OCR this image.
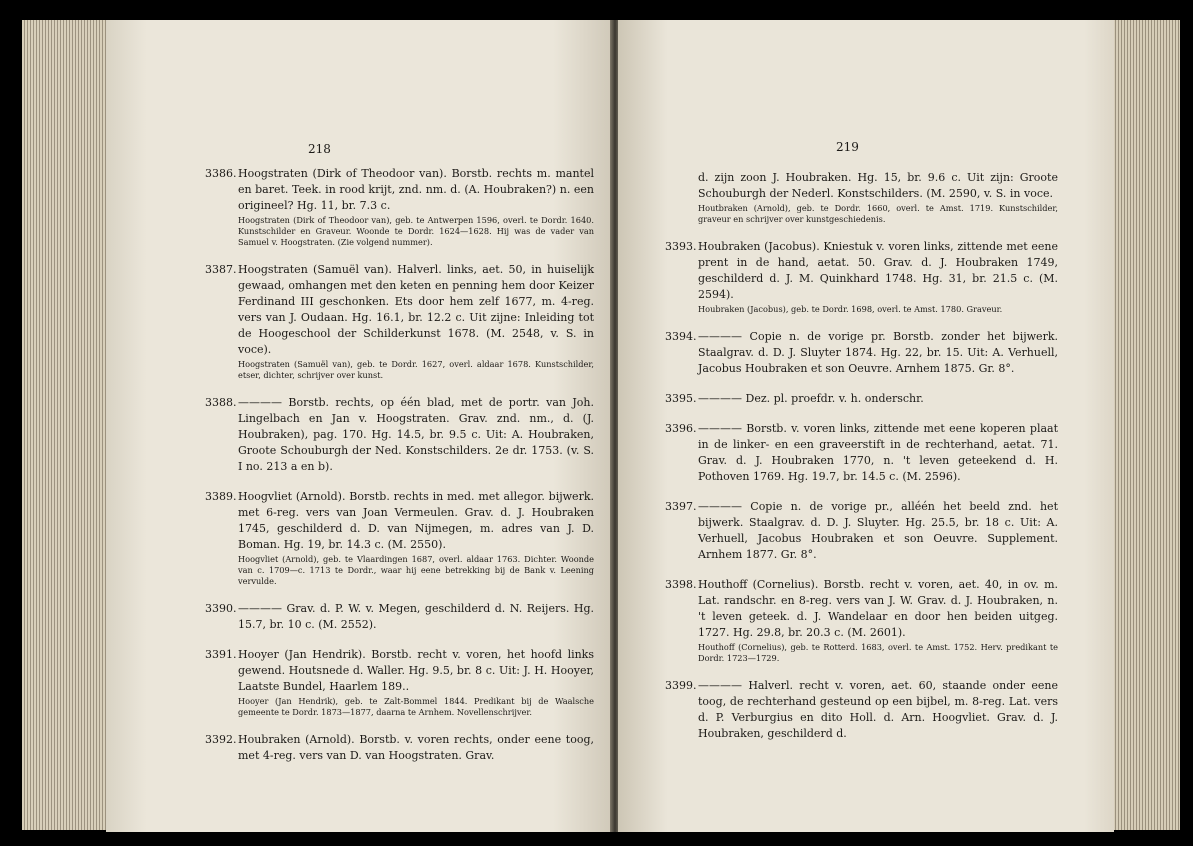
218
3386. Hoogstraten (Dirk of Theodoor van). Borstb. rechts m. mantel en baret. Teek. in rood krijt, znd. nm. d. (A. Houbraken?) n. een origineel? Hg. 11, br. 7.3 c.
Hoogstraten (Dirk of Theodoor van), geb. te Antwerpen 1596, overl. te Dordr. 1640. Kunstschilder en Graveur. Woonde te Dordr. 1624—1628. Hij was de vader van Samuel v. Hoogstraten. (Zie volgend nummer).
3387. Hoogstraten (Samuël van). Halverl. links, aet. 50, in huiselijk gewaad, omhangen met den keten en penning hem door Keizer Ferdinand III geschonken. Ets door hem zelf 1677, m. 4-reg. vers van J. Oudaan. Hg. 16.1, br. 12.2 c. Uit zijne: Inleiding tot de Hoogeschool der Schilderkunst 1678. (M. 2548, v. S. in voce).
Hoogstraten (Samuël van), geb. te Dordr. 1627, overl. aldaar 1678. Kunstschilder, etser, dichter, schrijver over kunst.
3388. ———— Borstb. rechts, op één blad, met de portr. van Joh. Lingelbach en Jan v. Hoogstraten. Grav. znd. nm., d. (J. Houbraken), pag. 170. Hg. 14.5, br. 9.5 c. Uit: A. Houbraken, Groote Schouburgh der Ned. Konstschilders. 2e dr. 1753. (v. S. I no. 213 a en b).
3389. Hoogvliet (Arnold). Borstb. rechts in med. met allegor. bijwerk. met 6-reg. vers van Joan Vermeulen. Grav. d. J. Houbraken 1745, geschilderd d. D. van Nijmegen, m. adres van J. D. Boman. Hg. 19, br. 14.3 c. (M. 2550).
Hoogvliet (Arnold), geb. te Vlaardingen 1687, overl. aldaar 1763. Dichter. Woonde van c. 1709—c. 1713 te Dordr., waar hij eene betrekking bij de Bank v. Leening vervulde.
3390. ———— Grav. d. P. W. v. Megen, geschilderd d. N. Reijers. Hg. 15.7, br. 10 c. (M. 2552).
3391. Hooyer (Jan Hendrik). Borstb. recht v. voren, het hoofd links gewend. Houtsnede d. Waller. Hg. 9.5, br. 8 c. Uit: J. H. Hooyer, Laatste Bundel, Haarlem 189..
Hooyer (Jan Hendrik), geb. te Zalt-Bommel 1844. Predikant bij de Waalsche gemeente te Dordr. 1873—1877, daarna te Arnhem. Novellenschrijver.
3392. Houbraken (Arnold). Borstb. v. voren rechts, onder eene toog, met 4-reg. vers van D. van Hoogstraten. Grav.
219
d. zijn zoon J. Houbraken. Hg. 15, br. 9.6 c. Uit zijn: Groote Schouburgh der Nederl. Konstschilders. (M. 2590, v. S. in voce.
Houtbraken (Arnold), geb. te Dordr. 1660, overl. te Amst. 1719. Kunstschilder, graveur en schrijver over kunstgeschiedenis.
3393. Houbraken (Jacobus). Kniestuk v. voren links, zittende met eene prent in de hand, aetat. 50. Grav. d. J. Houbraken 1749, geschilderd d. J. M. Quinkhard 1748. Hg. 31, br. 21.5 c. (M. 2594).
Houbraken (Jacobus), geb. te Dordr. 1698, overl. te Amst. 1780. Graveur.
3394. ———— Copie n. de vorige pr. Borstb. zonder het bijwerk. Staalgrav. d. D. J. Sluyter 1874. Hg. 22, br. 15. Uit: A. Verhuell, Jacobus Houbraken et son Oeuvre. Arnhem 1875. Gr. 8°.
3395. ———— Dez. pl. proefdr. v. h. onderschr.
3396. ———— Borstb. v. voren links, zittende met eene koperen plaat in de linker- en een graveerstift in de rechterhand, aetat. 71. Grav. d. J. Houbraken 1770, n. 't leven geteekend d. H. Pothoven 1769. Hg. 19.7, br. 14.5 c. (M. 2596).
3397. ———— Copie n. de vorige pr., alléén het beeld znd. het bijwerk. Staalgrav. d. D. J. Sluyter. Hg. 25.5, br. 18 c. Uit: A. Verhuell, Jacobus Houbraken et son Oeuvre. Supplement. Arnhem 1877. Gr. 8°.
3398. Houthoff (Cornelius). Borstb. recht v. voren, aet. 40, in ov. m. Lat. randschr. en 8-reg. vers van J. W. Grav. d. J. Houbraken, n. 't leven geteek. d. J. Wandelaar en door hen beiden uitgeg. 1727. Hg. 29.8, br. 20.3 c. (M. 2601).
Houthoff (Cornelius), geb. te Rotterd. 1683, overl. te Amst. 1752. Herv. predikant te Dordr. 1723—1729.
3399. ———— Halverl. recht v. voren, aet. 60, staande onder eene toog, de rechterhand gesteund op een bijbel, m. 8-reg. Lat. vers d. P. Verburgius en dito Holl. d. Arn. Hoogvliet. Grav. d. J. Houbraken, geschilderd d.
